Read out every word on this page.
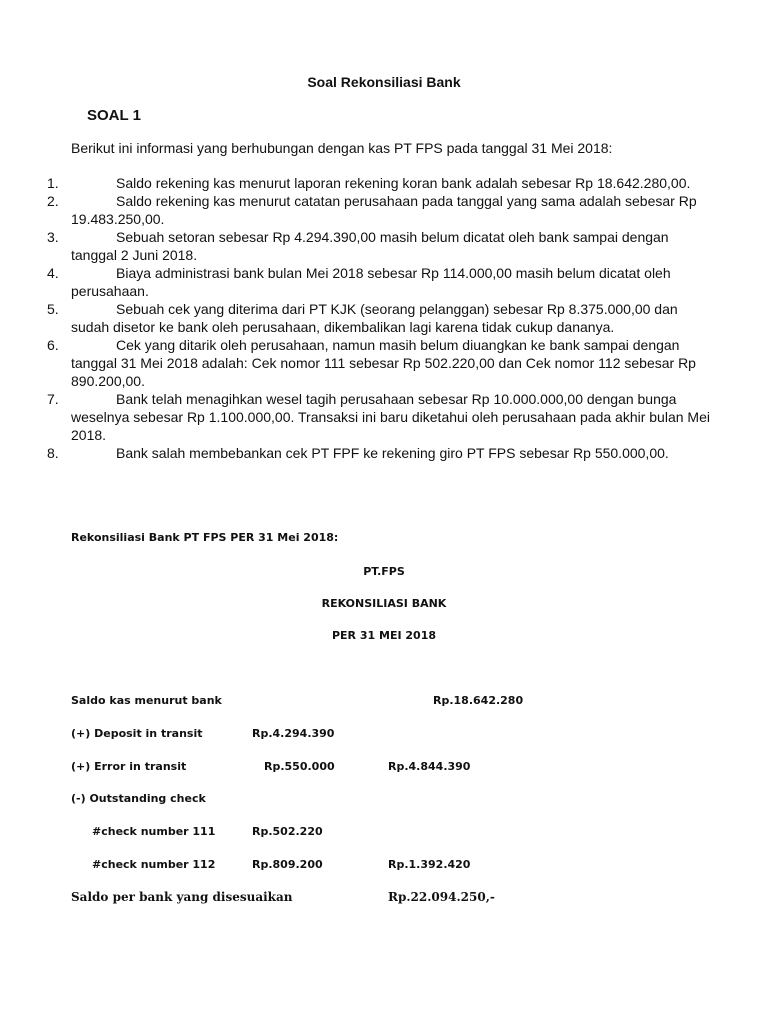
Soal Rekonsiliasi Bank
SOAL 1
Berikut ini informasi yang berhubungan dengan kas PT FPS pada tanggal 31 Mei 2018:
1.	Saldo rekening kas menurut laporan rekening koran bank adalah sebesar Rp 18.642.280,00.
2.	Saldo rekening kas menurut catatan perusahaan pada tanggal yang sama adalah sebesar Rp 19.483.250,00.
3.	Sebuah setoran sebesar Rp 4.294.390,00 masih belum dicatat oleh bank sampai dengan tanggal 2 Juni 2018.
4.	Biaya administrasi bank bulan Mei 2018 sebesar Rp 114.000,00 masih belum dicatat oleh perusahaan.
5.	Sebuah cek yang diterima dari PT KJK (seorang pelanggan) sebesar Rp 8.375.000,00 dan sudah disetor ke bank oleh perusahaan, dikembalikan lagi karena tidak cukup dananya.
6.	Cek yang ditarik oleh perusahaan, namun masih belum diuangkan ke bank sampai dengan tanggal 31 Mei 2018 adalah: Cek nomor 111 sebesar Rp 502.220,00 dan Cek nomor 112 sebesar Rp 890.200,00.
7.	Bank telah menagihkan wesel tagih perusahaan sebesar Rp 10.000.000,00 dengan bunga weselnya sebesar Rp 1.100.000,00. Transaksi ini baru diketahui oleh perusahaan pada akhir bulan Mei 2018.
8.	Bank salah membebankan cek PT FPF ke rekening giro PT FPS sebesar Rp 550.000,00.
Rekonsiliasi Bank PT FPS PER 31 Mei 2018:
PT.FPS
REKONSILIASI BANK
PER 31 MEI 2018
Saldo kas menurut bank	Rp.18.642.280
(+) Deposit in transit	Rp.4.294.390
(+) Error in transit	Rp.550.000	Rp.4.844.390
(-) Outstanding check
#check number 111	Rp.502.220
#check number 112	Rp.809.200	Rp.1.392.420
Saldo per bank yang disesuaikan	Rp.22.094.250,-
